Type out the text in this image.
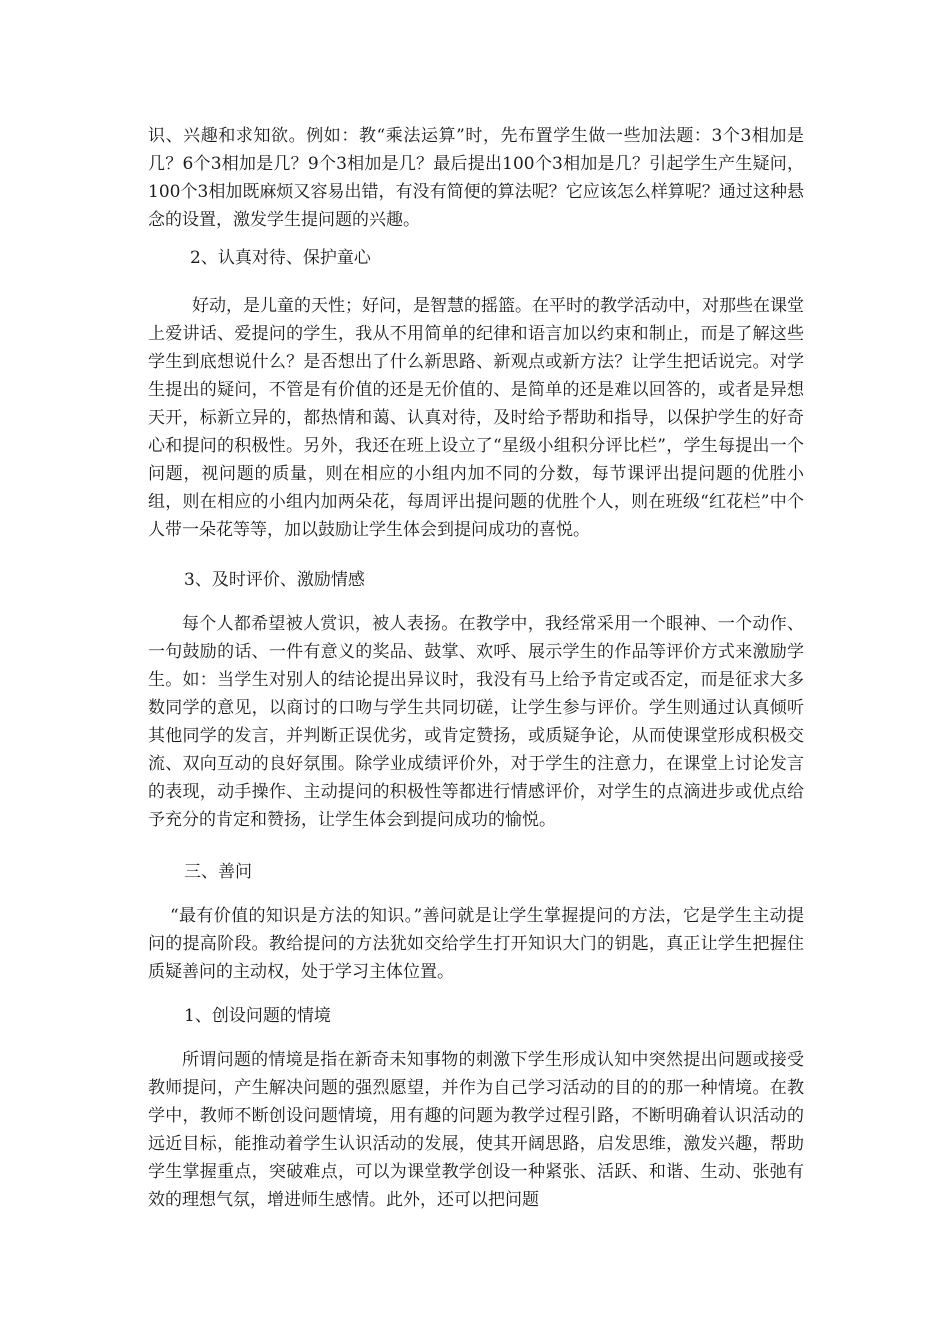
识、兴趣和求知欲。例如：教“乘法运算”时，先布置学生做一些加法题：3个3相加是几？6个3相加是几？9个3相加是几？最后提出100个3相加是几？引起学生产生疑问，100个3相加既麻烦又容易出错，有没有简便的算法呢？它应该怎么样算呢？通过这种悬念的设置，激发学生提问题的兴趣。

2、认真对待、保护童心

好动，是儿童的天性；好问，是智慧的摇篮。在平时的教学活动中，对那些在课堂上爱讲话、爱提问的学生，我从不用简单的纪律和语言加以约束和制止，而是了解这些学生到底想说什么？是否想出了什么新思路、新观点或新方法？让学生把话说完。对学生提出的疑问，不管是有价值的还是无价值的、是简单的还是难以回答的，或者是异想天开，标新立异的，都热情和蔼、认真对待，及时给予帮助和指导，以保护学生的好奇心和提问的积极性。另外，我还在班上设立了“星级小组积分评比栏”，学生每提出一个问题，视问题的质量，则在相应的小组内加不同的分数，每节课评出提问题的优胜小组，则在相应的小组内加两朵花，每周评出提问题的优胜个人，则在班级“红花栏”中个人带一朵花等等，加以鼓励让学生体会到提问成功的喜悦。

3、及时评价、激励情感

每个人都希望被人赏识，被人表扬。在教学中，我经常采用一个眼神、一个动作、一句鼓励的话、一件有意义的奖品、鼓掌、欢呼、展示学生的作品等评价方式来激励学生。如：当学生对别人的结论提出异议时，我没有马上给予肯定或否定，而是征求大多数同学的意见，以商讨的口吻与学生共同切磋，让学生参与评价。学生则通过认真倾听其他同学的发言，并判断正误优劣，或肯定赞扬，或质疑争论，从而使课堂形成积极交流、双向互动的良好氛围。除学业成绩评价外，对于学生的注意力，在课堂上讨论发言的表现，动手操作、主动提问的积极性等都进行情感评价，对学生的点滴进步或优点给予充分的肯定和赞扬，让学生体会到提问成功的愉悦。

三、善问

“最有价值的知识是方法的知识。”善问就是让学生掌握提问的方法，它是学生主动提问的提高阶段。教给提问的方法犹如交给学生打开知识大门的钥匙，真正让学生把握住质疑善问的主动权，处于学习主体位置。

1、创设问题的情境

所谓问题的情境是指在新奇未知事物的刺激下学生形成认知中突然提出问题或接受教师提问，产生解决问题的强烈愿望，并作为自己学习活动的目的的那一种情境。在教学中，教师不断创设问题情境，用有趣的问题为教学过程引路，不断明确着认识活动的远近目标，能推动着学生认识活动的发展，使其开阔思路，启发思维，激发兴趣，帮助学生掌握重点，突破难点，可以为课堂教学创设一种紧张、活跃、和谐、生动、张弛有效的理想气氛，增进师生感情。此外，还可以把问题
